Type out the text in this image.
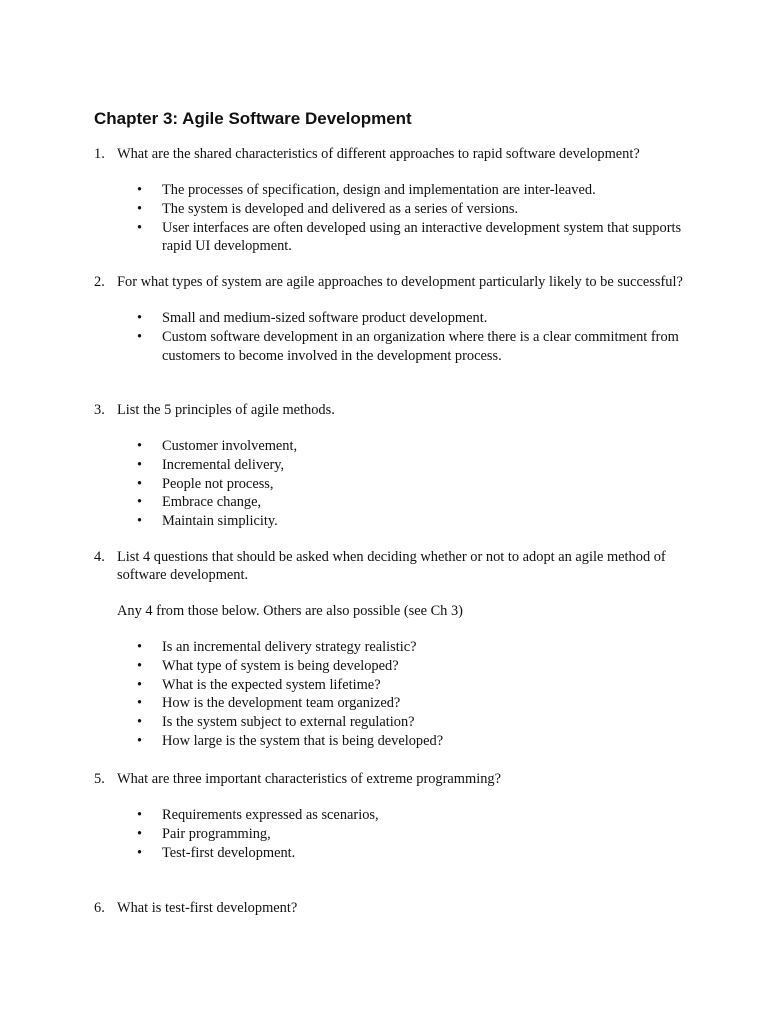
Chapter 3: Agile Software Development
1. What are the shared characteristics of different approaches to rapid software development?
•	The processes of specification, design and implementation are inter-leaved.
•	The system is developed and delivered as a series of versions.
•	User interfaces are often developed using an interactive development system that supports rapid UI development.
2. For what types of system are agile approaches to development particularly likely to be successful?
•	Small and medium-sized software product development.
•	Custom software development in an organization where there is a clear commitment from customers to become involved in the development process.
3. List the 5 principles of agile methods.
•	Customer involvement,
•	Incremental delivery,
•	People not process,
•	Embrace change,
•	Maintain simplicity.
4. List 4 questions that should be asked when deciding whether or not to adopt an agile method of software development.
Any 4 from those below. Others are also possible (see Ch 3)
•	Is an incremental delivery strategy realistic?
•	What type of system is being developed?
•	What is the expected system lifetime?
•	How is the development team organized?
•	Is the system subject to external regulation?
•	How large is the system that is being developed?
5. What are three important characteristics of extreme programming?
•	Requirements expressed as scenarios,
•	Pair programming,
•	Test-first development.
6. What is test-first development?
